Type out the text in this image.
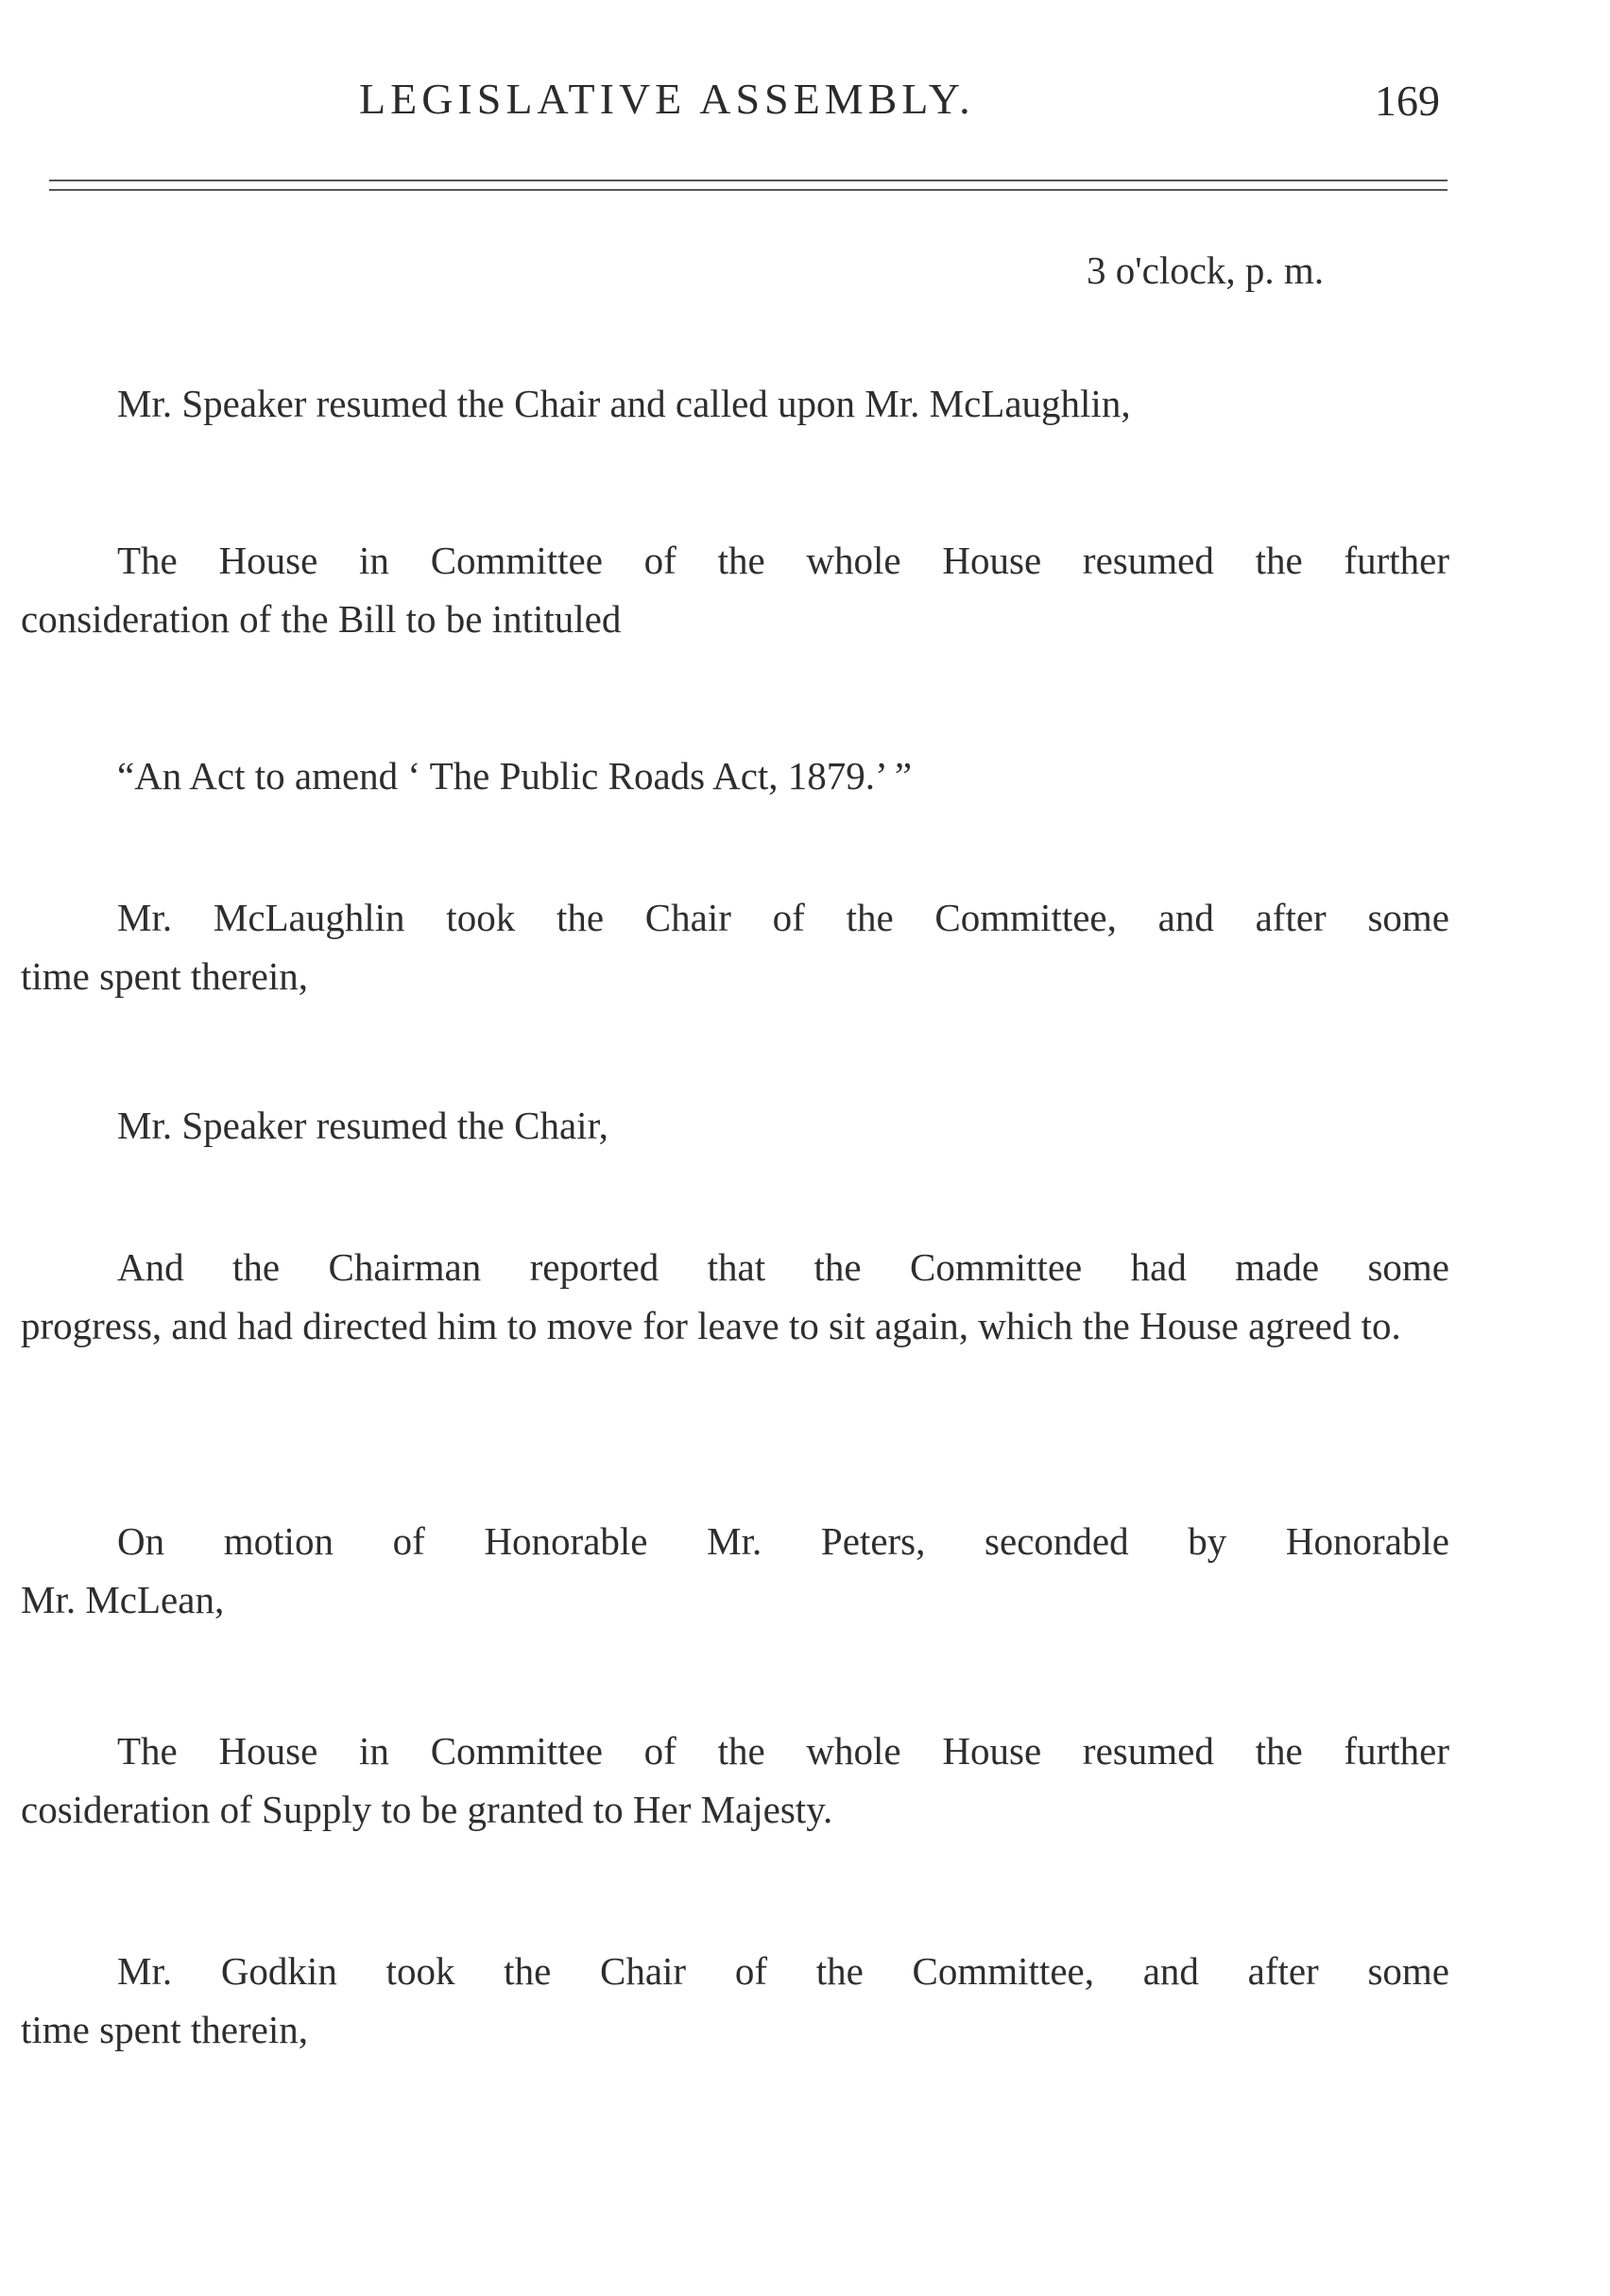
LEGISLATIVE ASSEMBLY.	169
3 o'clock, p. m.
Mr. Speaker resumed the Chair and called upon Mr. McLaughlin,
The House in Committee of the whole House resumed the further
consideration of the Bill to be intituled
“An Act to amend ‘ The Public Roads Act, 1879.’ ”
Mr. McLaughlin took the Chair of the Committee, and after some
time spent therein,
Mr. Speaker resumed the Chair,
And the Chairman reported that the Committee had made some
progress, and had directed him to move for leave to sit again, which the House agreed to.
On motion of Honorable Mr. Peters, seconded by Honorable
Mr. McLean,
The House in Committee of the whole House resumed the further
cosideration of Supply to be granted to Her Majesty.
Mr. Godkin took the Chair of the Committee, and after some
time spent therein,
